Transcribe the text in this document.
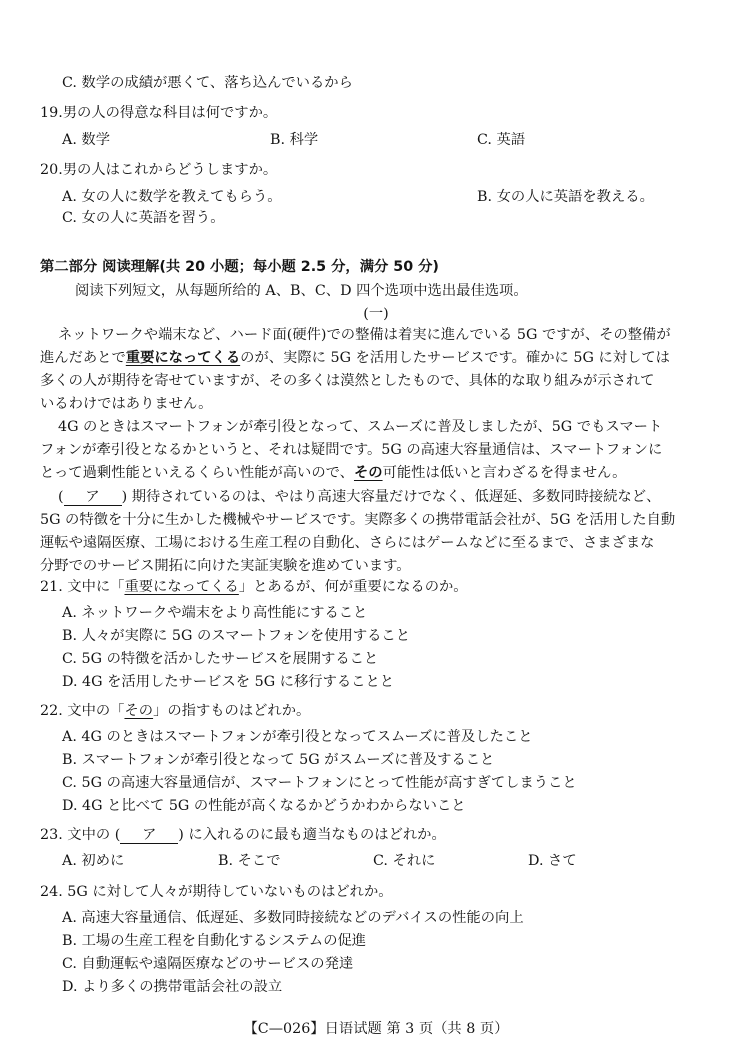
C. 数学の成績が悪くて、落ち込んでいるから
19.男の人の得意な科目は何ですか。
A. 数学	B. 科学	C. 英語
20.男の人はこれからどうしますか。
A. 女の人に数学を教えてもらう。	B. 女の人に英語を教える。
C. 女の人に英語を習う。
第二部分 阅读理解(共 20 小题；每小题 2.5 分，满分 50 分)
阅读下列短文，从每题所给的 A、B、C、D 四个选项中选出最佳选项。
(一)
ネットワークや端末など、ハード面(硬件)での整備は着実に進んでいる 5G ですが、その整備が
進んだあとで重要になってくるのが、実際に 5G を活用したサービスです。確かに 5G に対しては
多くの人が期待を寄せていますが、その多くは漠然としたもので、具体的な取り組みが示されて
いるわけではありません。
4G のときはスマートフォンが牽引役となって、スムーズに普及しましたが、5G でもスマート
フォンが牽引役となるかというと、それは疑問です。5G の高速大容量通信は、スマートフォンに
とって過剰性能といえるくらい性能が高いので、その可能性は低いと言わざるを得ません。
( ア ) 期待されているのは、やはり高速大容量だけでなく、低遅延、多数同時接続など、
5G の特徴を十分に生かした機械やサービスです。実際多くの携帯電話会社が、5G を活用した自動
運転や遠隔医療、工場における生産工程の自動化、さらにはゲームなどに至るまで、さまざまな
分野でのサービス開拓に向けた実証実験を進めています。
21. 文中に「重要になってくる」とあるが、何が重要になるのか。
A. ネットワークや端末をより高性能にすること
B. 人々が実際に 5G のスマートフォンを使用すること
C. 5G の特徴を活かしたサービスを展開すること
D. 4G を活用したサービスを 5G に移行することと
22. 文中の「その」の指すものはどれか。
A. 4G のときはスマートフォンが牽引役となってスムーズに普及したこと
B. スマートフォンが牽引役となって 5G がスムーズに普及すること
C. 5G の高速大容量通信が、スマートフォンにとって性能が高すぎてしまうこと
D. 4G と比べて 5G の性能が高くなるかどうかわからないこと
23. 文中の ( ア ) に入れるのに最も適当なものはどれか。
A. 初めに	B. そこで	C. それに	D. さて
24. 5G に対して人々が期待していないものはどれか。
A. 高速大容量通信、低遅延、多数同時接続などのデバイスの性能の向上
B. 工場の生産工程を自動化するシステムの促進
C. 自動運転や遠隔医療などのサービスの発達
D. より多くの携帯電話会社の設立
【C—026】日语试题 第 3 页（共 8 页）
